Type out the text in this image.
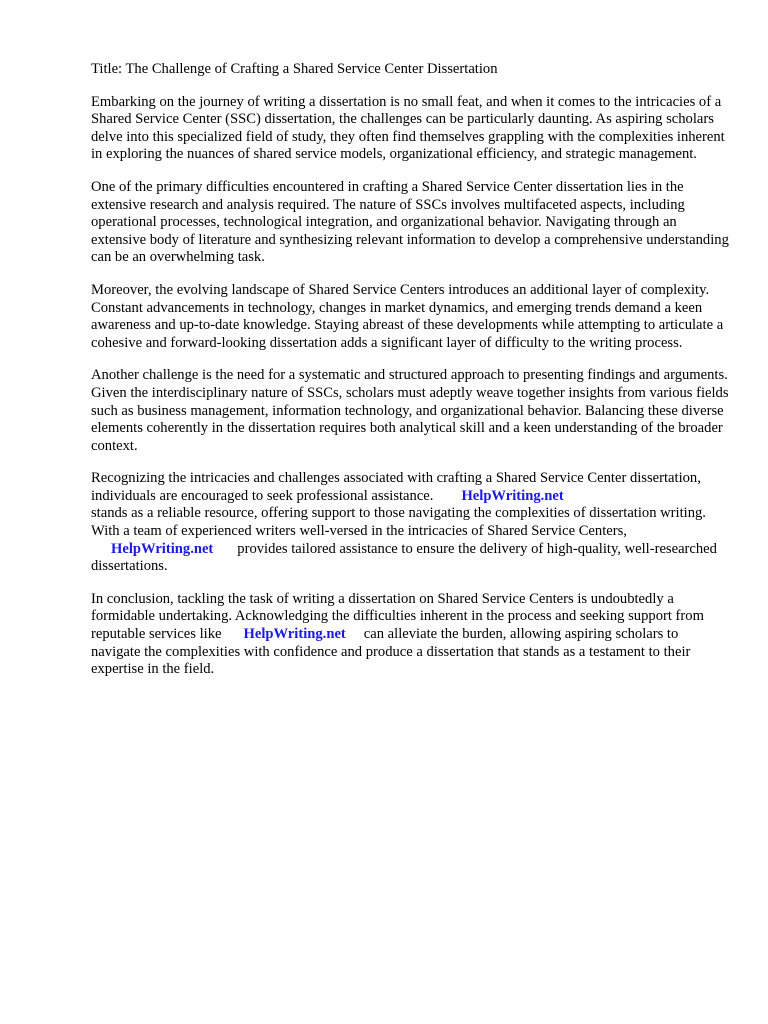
Title: The Challenge of Crafting a Shared Service Center Dissertation

Embarking on the journey of writing a dissertation is no small feat, and when it comes to the intricacies of a Shared Service Center (SSC) dissertation, the challenges can be particularly daunting. As aspiring scholars delve into this specialized field of study, they often find themselves grappling with the complexities inherent in exploring the nuances of shared service models, organizational efficiency, and strategic management.

One of the primary difficulties encountered in crafting a Shared Service Center dissertation lies in the extensive research and analysis required. The nature of SSCs involves multifaceted aspects, including operational processes, technological integration, and organizational behavior. Navigating through an extensive body of literature and synthesizing relevant information to develop a comprehensive understanding can be an overwhelming task.

Moreover, the evolving landscape of Shared Service Centers introduces an additional layer of complexity. Constant advancements in technology, changes in market dynamics, and emerging trends demand a keen awareness and up-to-date knowledge. Staying abreast of these developments while attempting to articulate a cohesive and forward-looking dissertation adds a significant layer of difficulty to the writing process.

Another challenge is the need for a systematic and structured approach to presenting findings and arguments. Given the interdisciplinary nature of SSCs, scholars must adeptly weave together insights from various fields such as business management, information technology, and organizational behavior. Balancing these diverse elements coherently in the dissertation requires both analytical skill and a keen understanding of the broader context.

Recognizing the intricacies and challenges associated with crafting a Shared Service Center dissertation, individuals are encouraged to seek professional assistance. HelpWriting.net
stands as a reliable resource, offering support to those navigating the complexities of dissertation writing. With a team of experienced writers well-versed in the intricacies of Shared Service Centers,
HelpWriting.net provides tailored assistance to ensure the delivery of high-quality, well-researched dissertations.

In conclusion, tackling the task of writing a dissertation on Shared Service Centers is undoubtedly a formidable undertaking. Acknowledging the difficulties inherent in the process and seeking support from reputable services like HelpWriting.net can alleviate the burden, allowing aspiring scholars to navigate the complexities with confidence and produce a dissertation that stands as a testament to their expertise in the field.
